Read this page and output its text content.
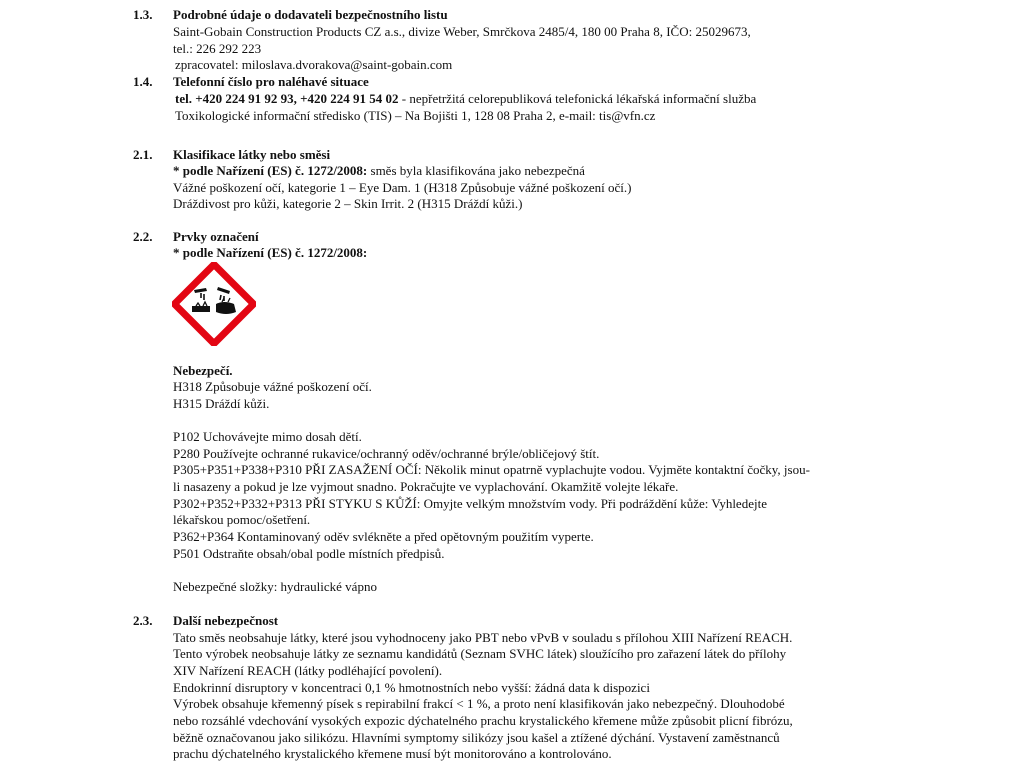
1.3. Podrobné údaje o dodavateli bezpečnostního listu
Saint-Gobain Construction Products CZ a.s., divize Weber, Smrčkova 2485/4, 180 00 Praha 8, IČO: 25029673,
tel.: 226 292 223
zpracovatel: miloslava.dvorakova@saint-gobain.com
1.4. Telefonní číslo pro naléhavé situace
tel. +420 224 91 92 93, +420 224 91 54 02 - nepřetržitá celorepubliková telefonická lékařská informační služba
Toxikologické informační středisko (TIS) – Na Bojišti 1, 128 08 Praha 2, e-mail: tis@vfn.cz
2.1. Klasifikace látky nebo směsi
* podle Nařízení (ES) č. 1272/2008: směs byla klasifikována jako nebezpečná
Vážné poškození očí, kategorie 1 – Eye Dam. 1 (H318 Způsobuje vážné poškození očí.)
Dráždivost pro kůži, kategorie 2 – Skin Irrit. 2 (H315 Dráždí kůži.)
2.2. Prvky označení
* podle Nařízení (ES) č. 1272/2008:
Nebezpečí.
H318 Způsobuje vážné poškození očí.
H315 Dráždí kůži.
P102 Uchovávejte mimo dosah dětí.
P280 Používejte ochranné rukavice/ochranný oděv/ochranné brýle/obličejový štít.
P305+P351+P338+P310 PŘI ZASAŽENÍ OČÍ: Několik minut opatrně vyplachujte vodou. Vyjměte kontaktní čočky, jsou-
li nasazeny a pokud je lze vyjmout snadno. Pokračujte ve vyplachování. Okamžitě volejte lékaře.
P302+P352+P332+P313 PŘI STYKU S KŮŽÍ: Omyjte velkým množstvím vody. Při podráždění kůže: Vyhledejte
lékařskou pomoc/ošetření.
P362+P364 Kontaminovaný oděv svlékněte a před opětovným použitím vyperte.
P501 Odstraňte obsah/obal podle místních předpisů.
Nebezpečné složky: hydraulické vápno
2.3. Další nebezpečnost
Tato směs neobsahuje látky, které jsou vyhodnoceny jako PBT nebo vPvB v souladu s přílohou XIII Nařízení REACH.
Tento výrobek neobsahuje látky ze seznamu kandidátů (Seznam SVHC látek) sloužícího pro zařazení látek do přílohy
XIV Nařízení REACH (látky podléhající povolení).
Endokrinní disruptory v koncentraci 0,1 % hmotnostních nebo vyšší: žádná data k dispozici
Výrobek obsahuje křemenný písek s repirabilní frakcí < 1 %, a proto není klasifikován jako nebezpečný. Dlouhodobé
nebo rozsáhlé vdechování vysokých expozic dýchatelného prachu krystalického křemene může způsobit plicní fibrózu,
běžně označovanou jako silikózu. Hlavními symptomy silikózy jsou kašel a ztížené dýchání. Vystavení zaměstnanců
prachu dýchatelného krystalického křemene musí být monitorováno a kontrolováno.
